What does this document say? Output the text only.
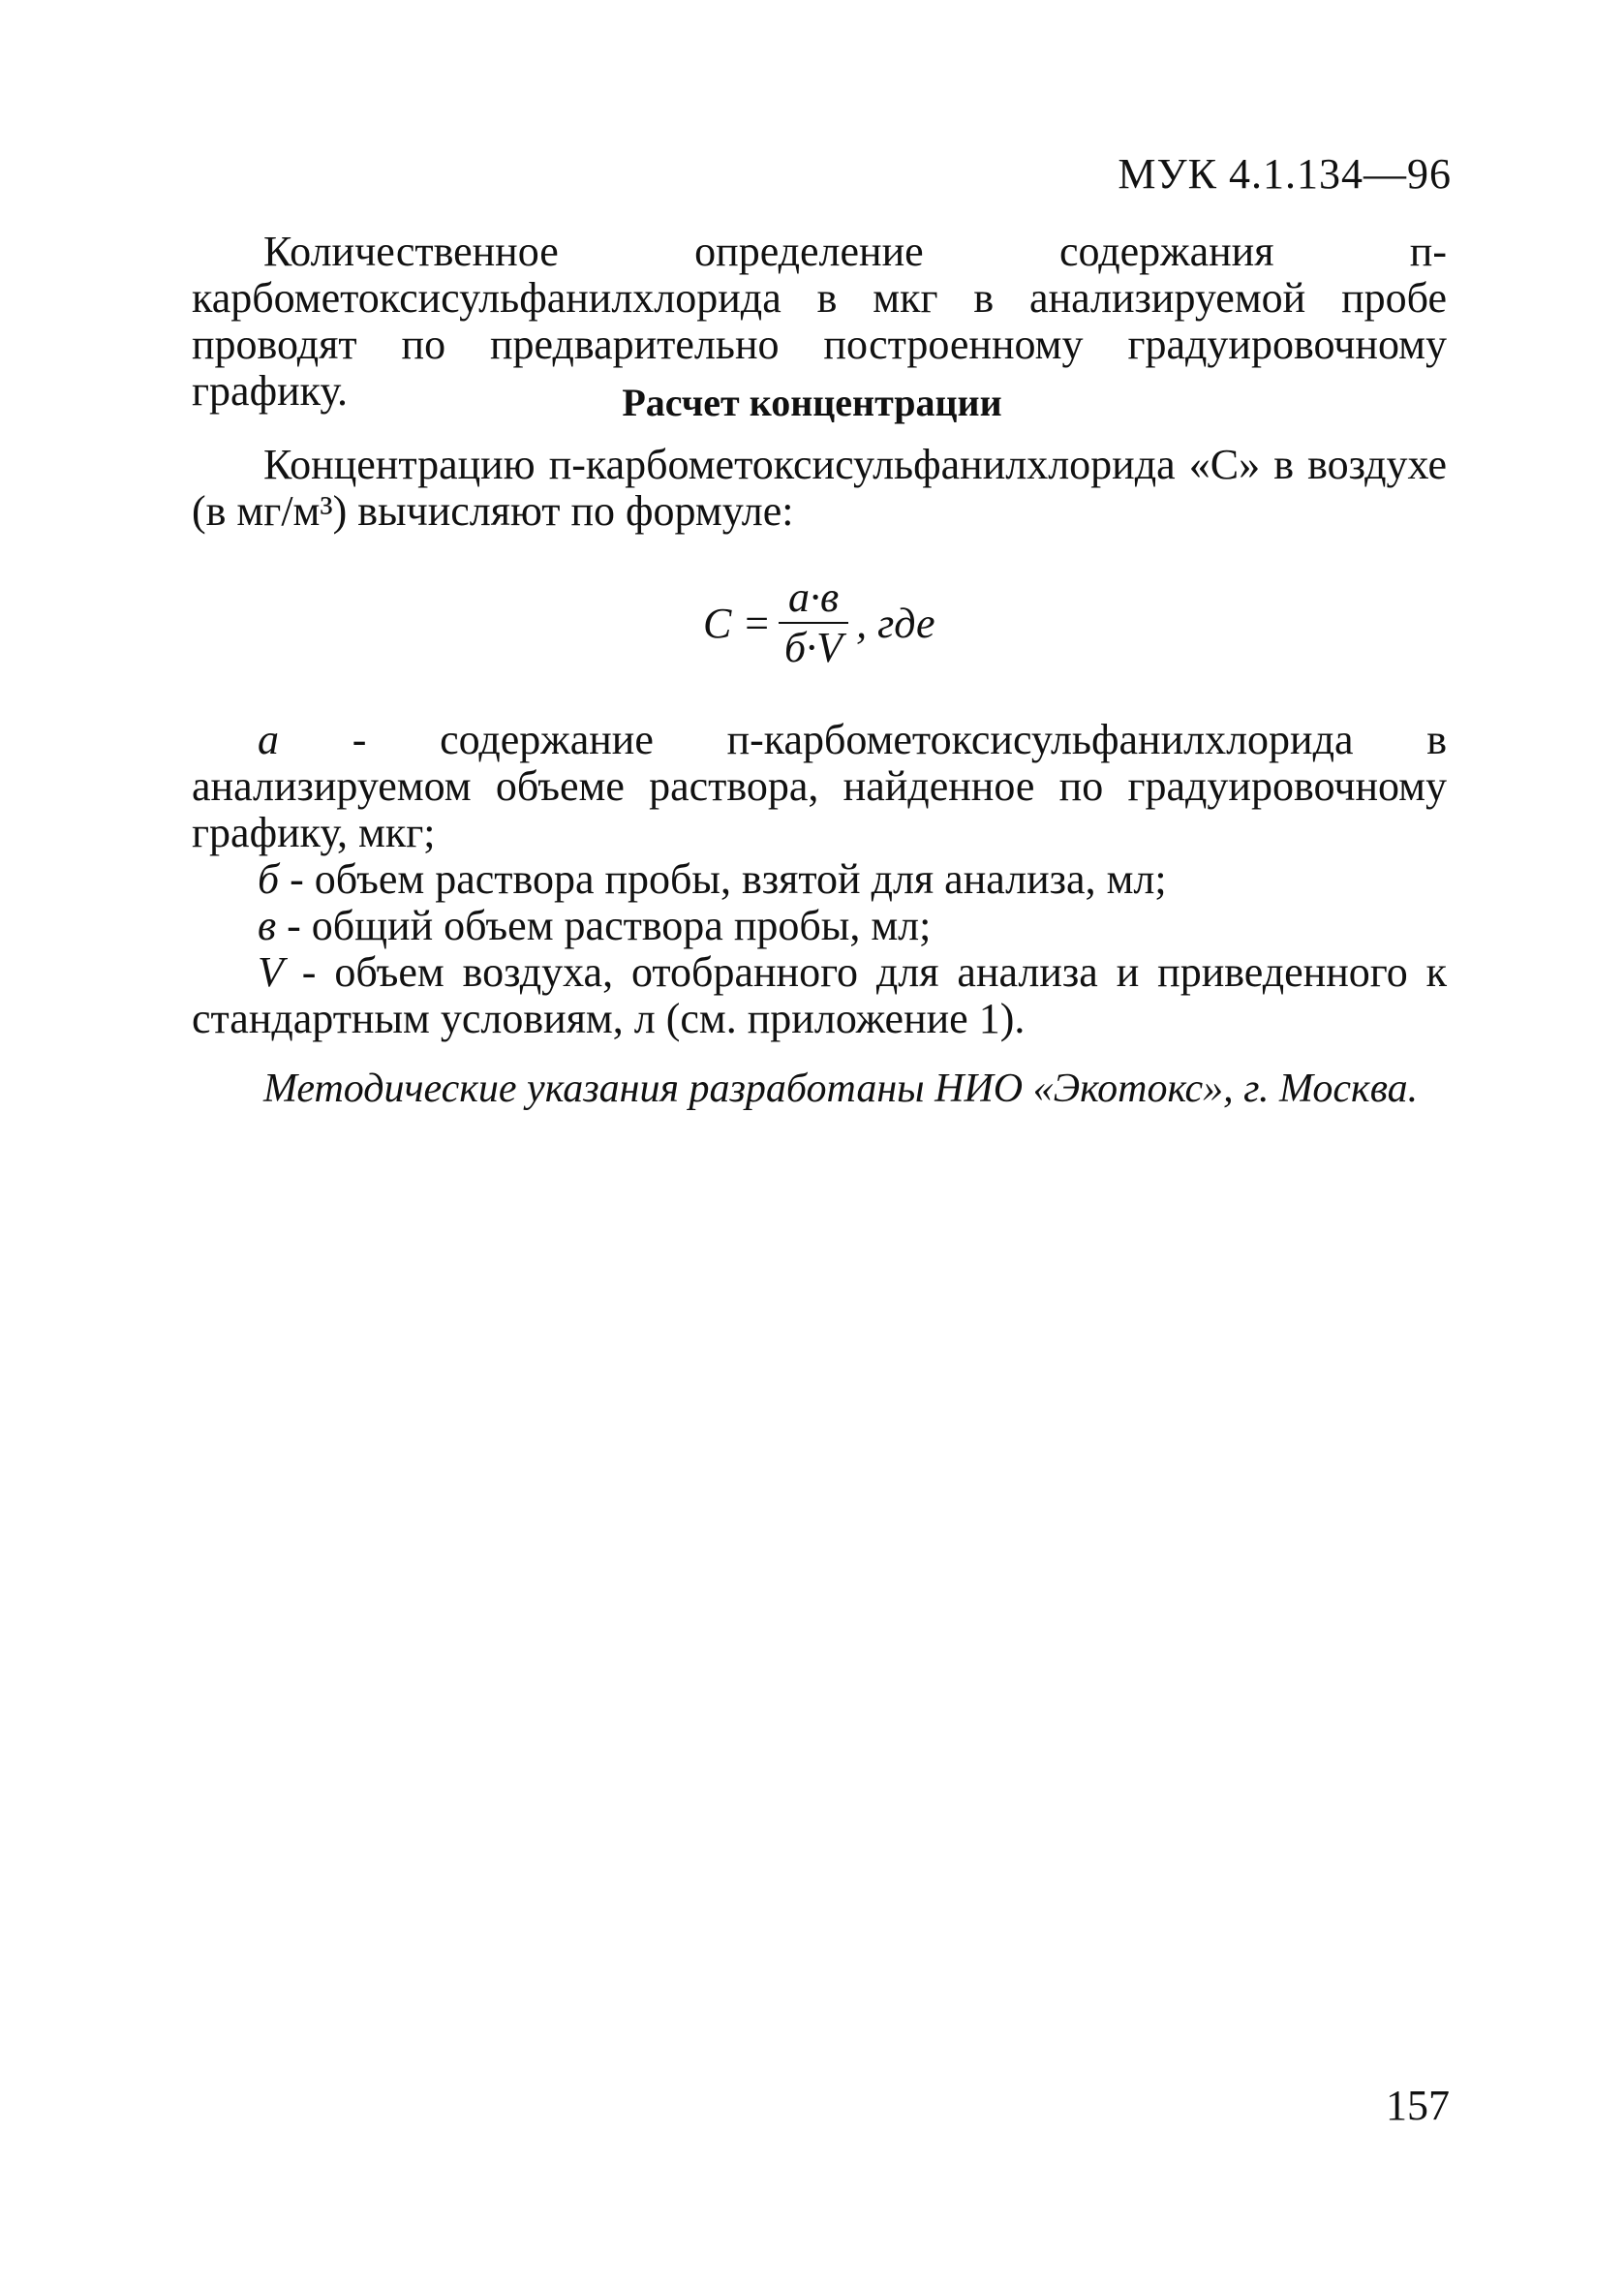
МУК 4.1.134—96
Количественное определение содержания п-карбометоксисульфанилхлорида в мкг в анализируемой пробе проводят по предварительно построенному градуировочному графику.	Расчет концентрации
Концентрацию п-карбометоксисульфанилхлорида «С» в воздухе (в мг/м³) вычисляют по формуле:
$С = \frac{а\cdot в}{б\cdot V}$ , где
а - содержание п-карбометоксисульфанилхлорида в анализируемом объеме раствора, найденное по градуировочному графику, мкг;
б - объем раствора пробы, взятой для анализа, мл;
в - общий объем раствора пробы, мл;
V - объем воздуха, отобранного для анализа и приведенного к стандартным условиям, л (см. приложение 1).
Методические указания разработаны НИО «Экотокс», г. Москва.
157
